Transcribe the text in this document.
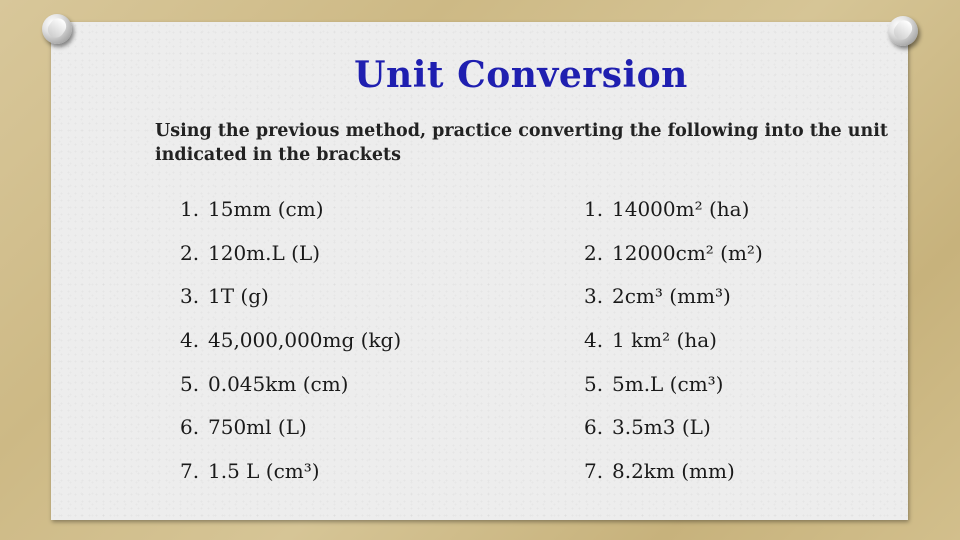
Unit Conversion
Using the previous method, practice converting the following into the unit indicated in the brackets
1. 15mm (cm)
2. 120m.L (L)
3. 1T (g)
4. 45,000,000mg (kg)
5. 0.045km (cm)
6. 750ml (L)
7. 1.5 L (cm³)
1. 14000m² (ha)
2. 12000cm² (m²)
3. 2cm³ (mm³)
4. 1 km² (ha)
5. 5m.L (cm³)
6. 3.5m3 (L)
7. 8.2km (mm)
